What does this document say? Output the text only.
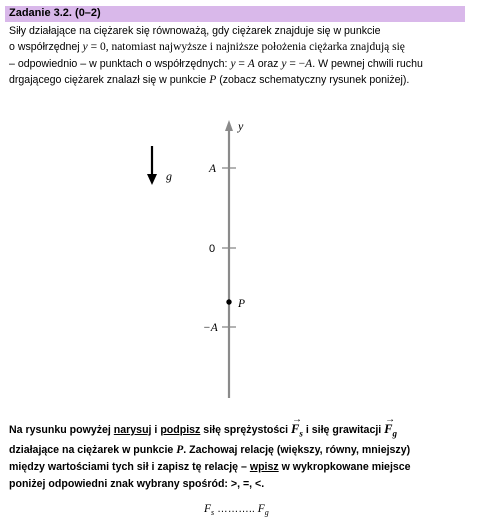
Zadanie 3.2. (0–2)
Siły działające na ciężarek się równoważą, gdy ciężarek znajduje się w punkcie
o współrzędnej y = 0, natomiast najwyższe i najniższe położenia ciężarka znajdują się
– odpowiednio – w punktach o współrzędnych: y = A oraz y = −A. W pewnej chwili ruchu
drgającego ciężarek znalazł się w punkcie P (zobacz schematyczny rysunek poniżej).
g⃗
y
A
0
−A
P
Na rysunku powyżej narysuj i podpisz siłę sprężystości → $F_s$ i siłę grawitacji → $F_g$
działające na ciężarek w punkcie P. Zachowaj relację (większy, równy, mniejszy)
między wartościami tych sił i zapisz tę relację – wpisz w wykropkowane miejsce
poniżej odpowiedni znak wybrany spośród: >, =, <.
$F_s$ ……….. $F_g$
